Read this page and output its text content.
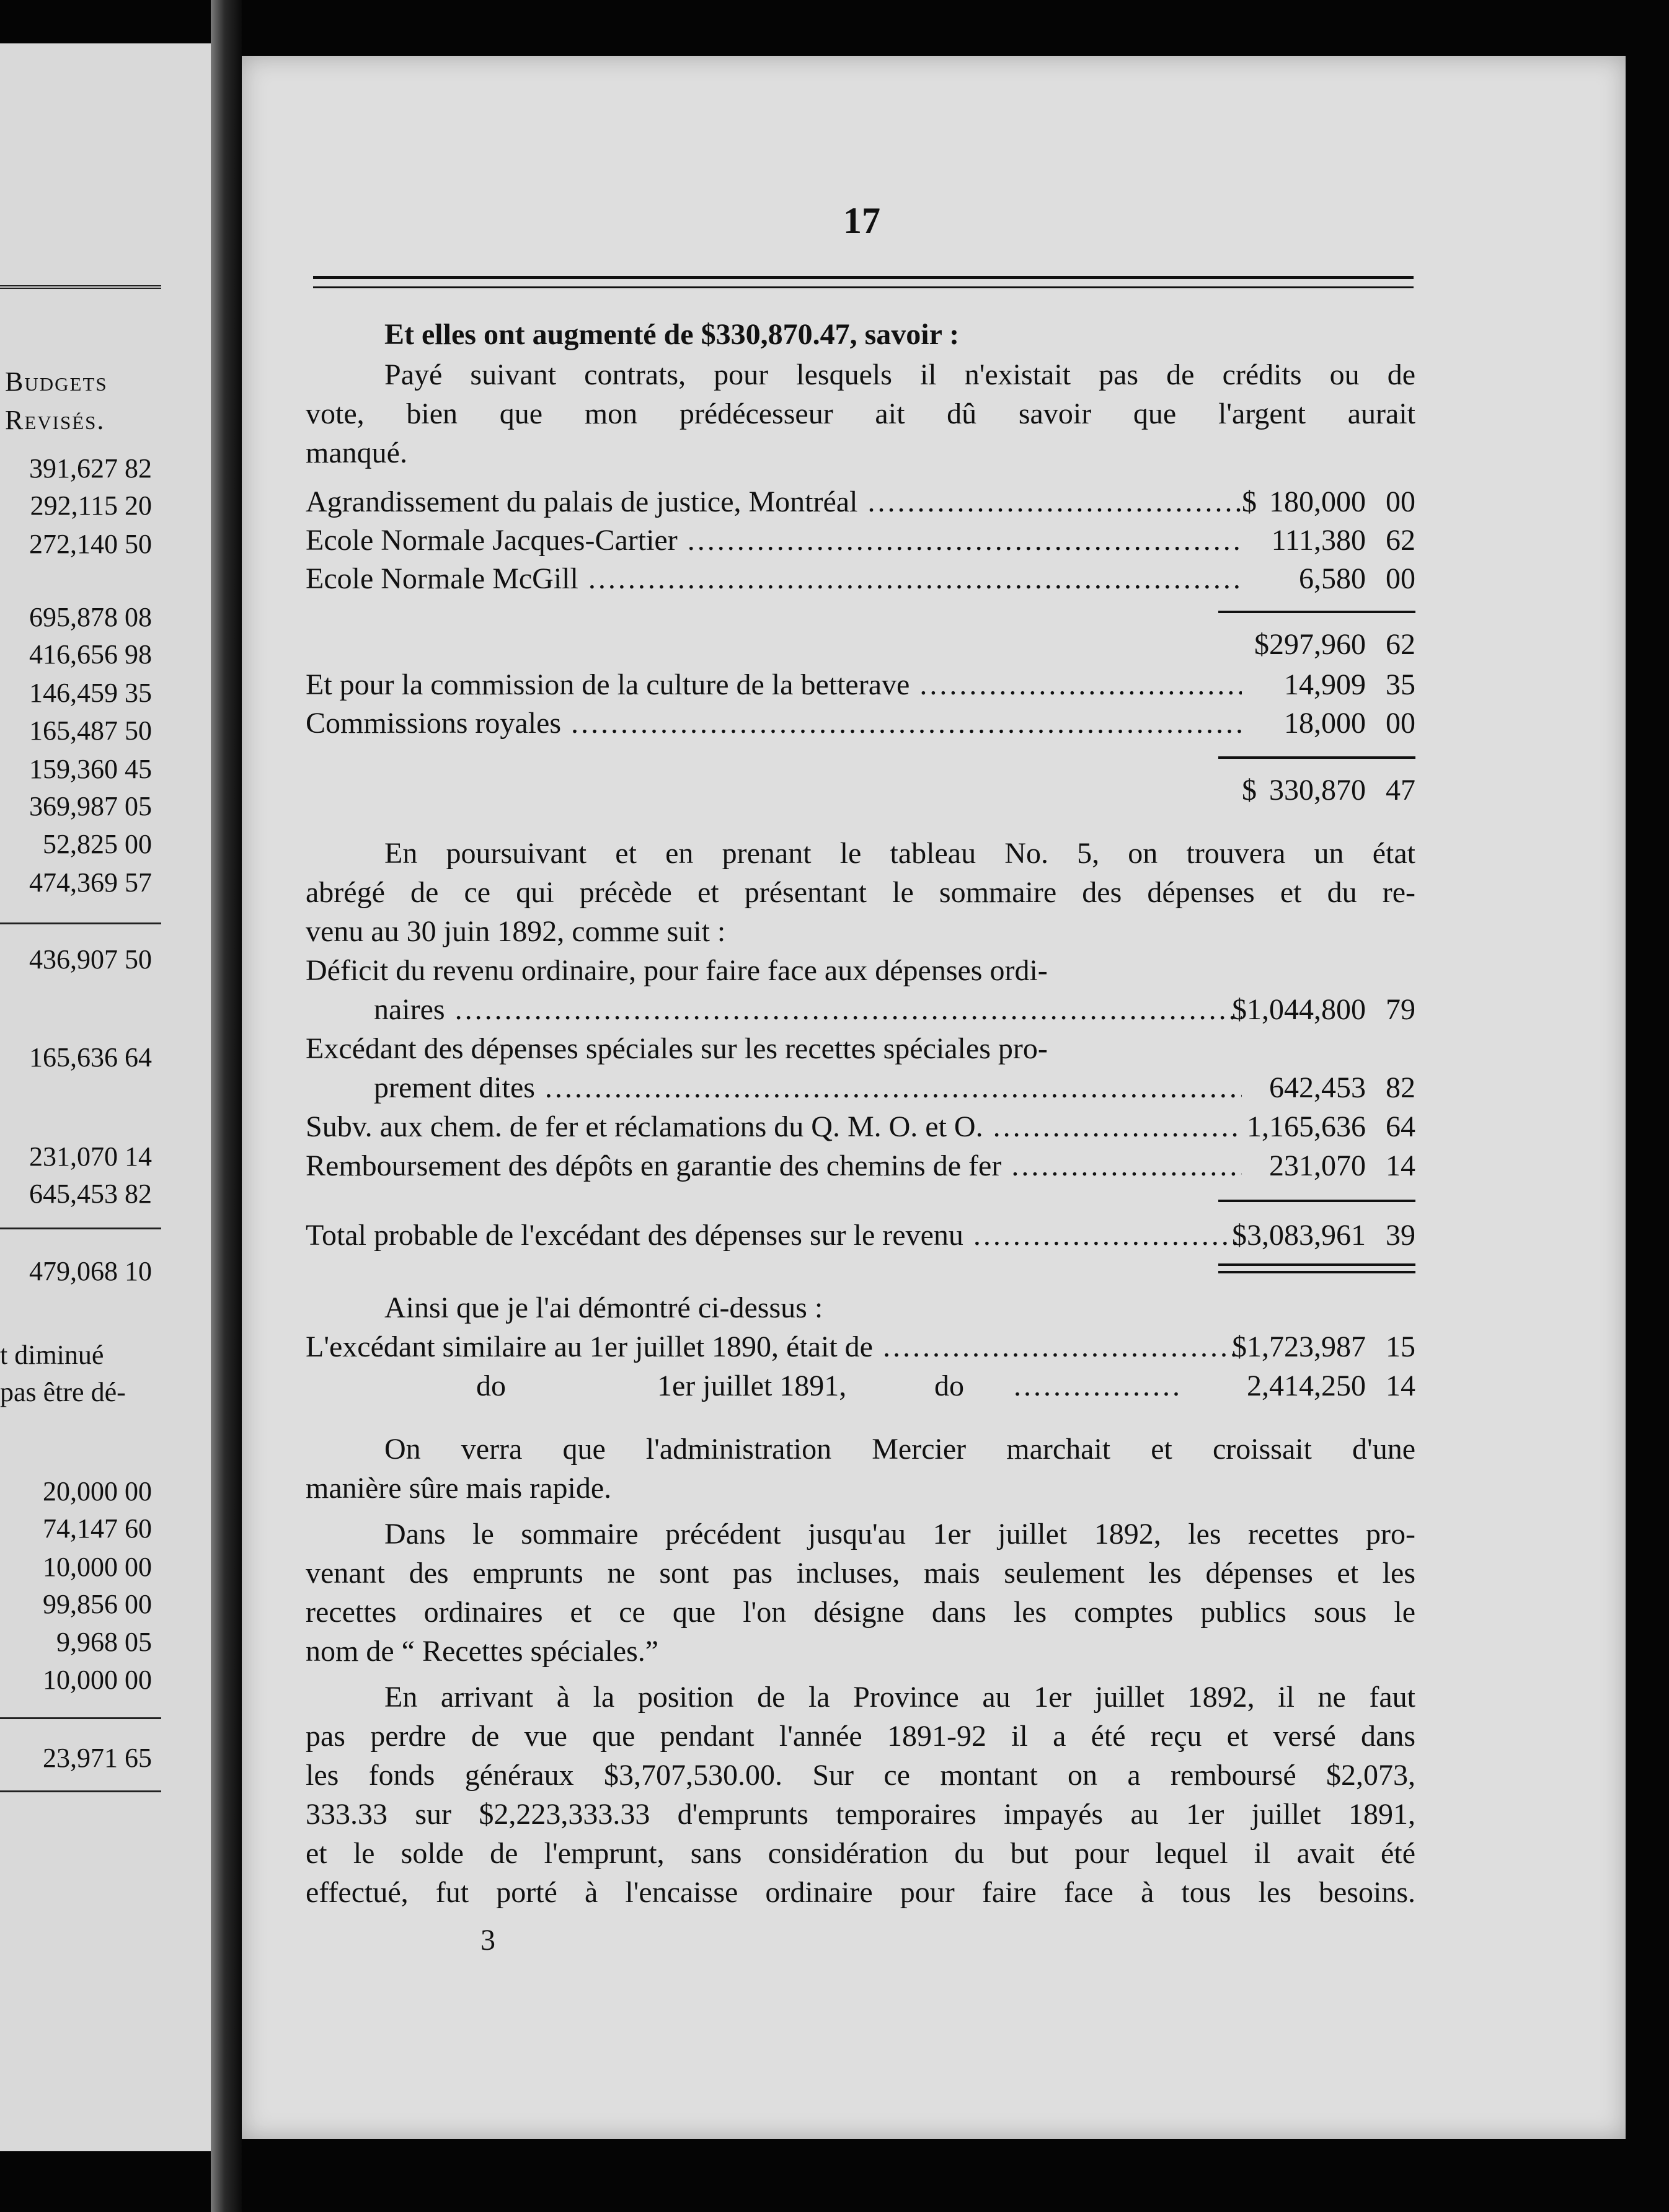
Budgets
Revisés.
391,627 82
292,115 20
272,140 50
695,878 08
416,656 98
146,459 35
165,487 50
159,360 45
369,987 05
52,825 00
474,369 57
436,907 50
165,636 64
231,070 14
645,453 82
479,068 10
t diminué
pas être dé-
20,000 00
74,147 60
10,000 00
99,856 00
9,968 05
10,000 00
23,971 65
17
Et elles ont augmenté de $330,870.47, savoir :
Payé suivant contrats, pour lesquels il n'existait pas de crédits ou de
vote, bien que mon prédécesseur ait dû savoir que l'argent aurait
manqué.
Agrandissement du palais de justice, Montréal .....	$ 180,000 00
Ecole Normale Jacques-Cartier .....	111,380 62
Ecole Normale McGill .....	6,580 00
$297,960 62
Et pour la commission de la culture de la betterave .....	14,909 35
Commissions royales .....	18,000 00
$ 330,870 47
En poursuivant et en prenant le tableau No. 5, on trouvera un état
abrégé de ce qui précède et présentant le sommaire des dépenses et du re-
venu au 30 juin 1892, comme suit :
Déficit du revenu ordinaire, pour faire face aux dépenses ordi-
naires .....	$1,044,800 79
Excédant des dépenses spéciales sur les recettes spéciales pro-
prement dites .....	642,453 82
Subv. aux chem. de fer et réclamations du Q. M. O. et O. .....	1,165,636 64
Remboursement des dépôts en garantie des chemins de fer .....	231,070 14
Total probable de l'excédant des dépenses sur le revenu .....	$3,083,961 39
Ainsi que je l'ai démontré ci-dessus :
L'excédant similaire au 1er juillet 1890, était de .....	$1,723,987 15
do	1er juillet 1891,	do ................. 2,414,250 14
On verra que l'administration Mercier marchait et croissait d'une
manière sûre mais rapide.
Dans le sommaire précédent jusqu'au 1er juillet 1892, les recettes pro-
venant des emprunts ne sont pas incluses, mais seulement les dépenses et les
recettes ordinaires et ce que l'on désigne dans les comptes publics sous le
nom de “ Recettes spéciales.”
En arrivant à la position de la Province au 1er juillet 1892, il ne faut
pas perdre de vue que pendant l'année 1891-92 il a été reçu et versé dans
les fonds généraux $3,707,530.00. Sur ce montant on a remboursé $2,073,
333.33 sur $2,223,333.33 d'emprunts temporaires impayés au 1er juillet 1891,
et le solde de l'emprunt, sans considération du but pour lequel il avait été
effectué, fut porté à l'encaisse ordinaire pour faire face à tous les besoins.
3
